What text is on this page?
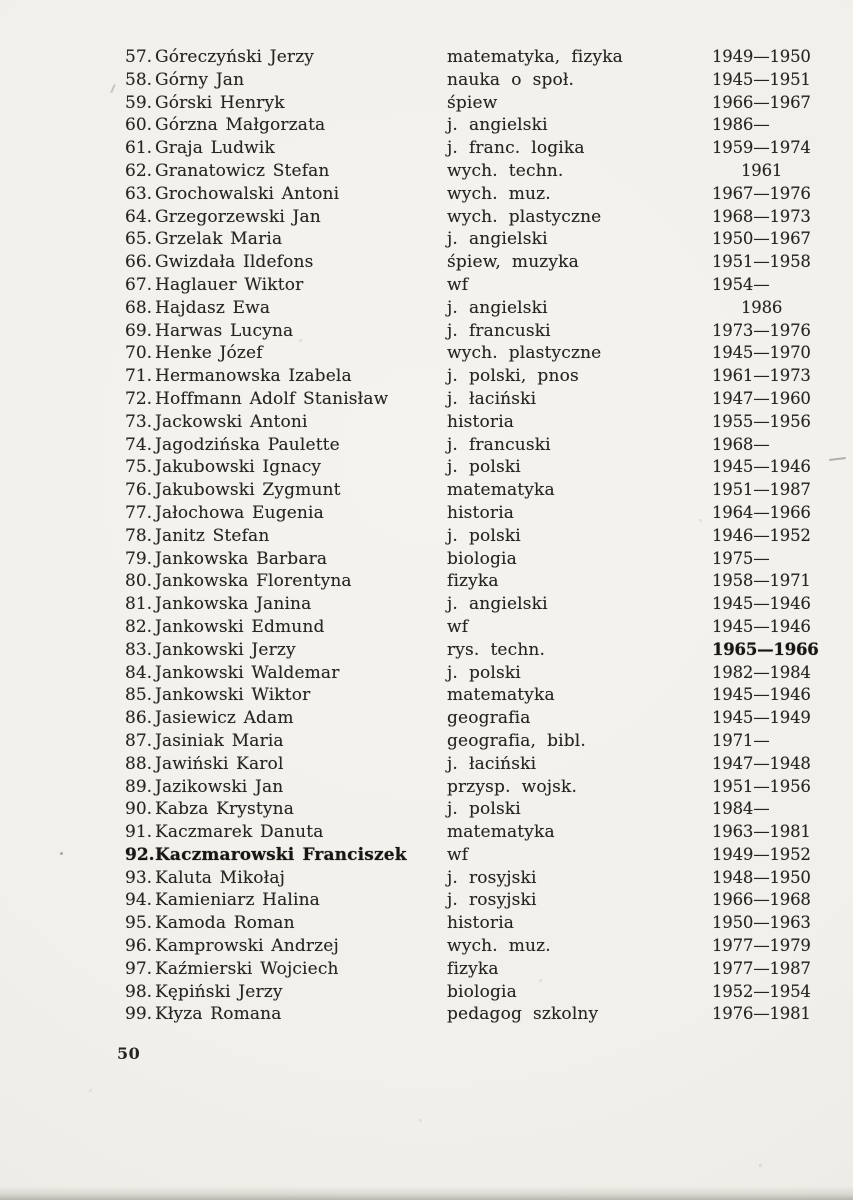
57. Góreczyński Jerzy	matematyka, fizyka	1949—1950
58. Górny Jan	nauka o społ.	1945—1951
59. Górski Henryk	śpiew	1966—1967
60. Górzna Małgorzata	j. angielski	1986—
61. Graja Ludwik	j. franc. logika	1959—1974
62. Granatowicz Stefan	wych. techn.	1961
63. Grochowalski Antoni	wych. muz.	1967—1976
64. Grzegorzewski Jan	wych. plastyczne	1968—1973
65. Grzelak Maria	j. angielski	1950—1967
66. Gwizdała Ildefons	śpiew, muzyka	1951—1958
67. Haglauer Wiktor	wf	1954—
68. Hajdasz Ewa	j. angielski	1986
69. Harwas Lucyna	j. francuski	1973—1976
70. Henke Józef	wych. plastyczne	1945—1970
71. Hermanowska Izabela	j. polski, pnos	1961—1973
72. Hoffmann Adolf Stanisław	j. łaciński	1947—1960
73. Jackowski Antoni	historia	1955—1956
74. Jagodzińska Paulette	j. francuski	1968—
75. Jakubowski Ignacy	j. polski	1945—1946
76. Jakubowski Zygmunt	matematyka	1951—1987
77. Jałochowa Eugenia	historia	1964—1966
78. Janitz Stefan	j. polski	1946—1952
79. Jankowska Barbara	biologia	1975—
80. Jankowska Florentyna	fizyka	1958—1971
81. Jankowska Janina	j. angielski	1945—1946
82. Jankowski Edmund	wf	1945—1946
83. Jankowski Jerzy	rys. techn.	1965—1966
84. Jankowski Waldemar	j. polski	1982—1984
85. Jankowski Wiktor	matematyka	1945—1946
86. Jasiewicz Adam	geografia	1945—1949
87. Jasiniak Maria	geografia, bibl.	1971—
88. Jawiński Karol	j. łaciński	1947—1948
89. Jazikowski Jan	przysp. wojsk.	1951—1956
90. Kabza Krystyna	j. polski	1984—
91. Kaczmarek Danuta	matematyka	1963—1981
92.Kaczmarowski Franciszek	wf	1949—1952
93. Kaluta Mikołaj	j. rosyjski	1948—1950
94. Kamieniarz Halina	j. rosyjski	1966—1968
95. Kamoda Roman	historia	1950—1963
96. Kamprowski Andrzej	wych. muz.	1977—1979
97. Kaźmierski Wojciech	fizyka	1977—1987
98. Kępiński Jerzy	biologia	1952—1954
99. Kłyza Romana	pedagog szkolny	1976—1981
50
